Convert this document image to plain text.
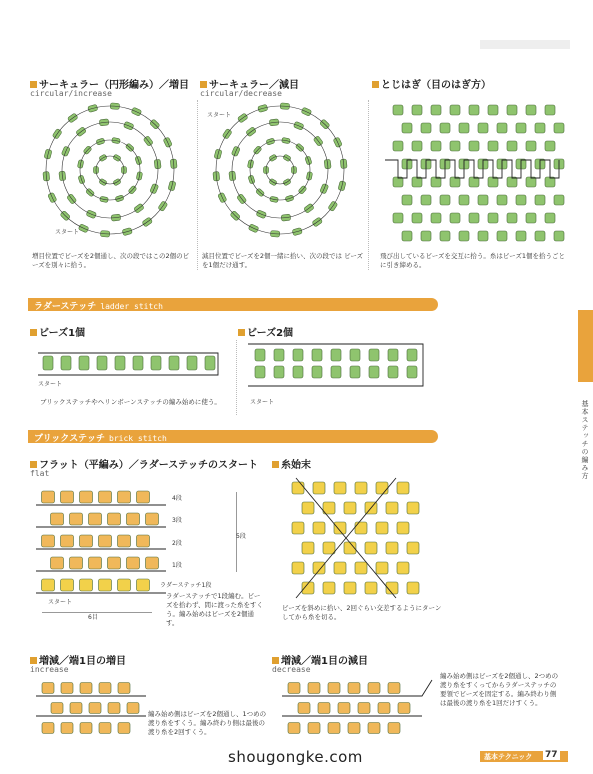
サーキュラー（円形編み）／増目
circular/increase
サーキュラー／減目
circular/decrease
とじはぎ（目のはぎ方）
スタート
スタート
増目位置でビーズを2個通し、次の段ではこの2個のビーズを別々に拾う。
減目位置でビーズを2個一緒に拾い、次の段では ビーズを1個だけ通す。
飛び出しているビーズを交互に拾う。糸はビーズ1個を拾うごとに引き締める。
ラダーステッチ ladder stitch
ビーズ1個	ビーズ2個
スタート
スタート
ブリックステッチやヘリンボーンステッチの編み始めに使う。
ブリックステッチ brick stitch
フラット（平編み）／ラダーステッチのスタート
flat
糸始末
4段
3段
2段
1段
ラダーステッチ1段
5段
スタート
6目
ラダーステッチで1段編む。ビーズを拾わず、間に渡った糸をすくう。編み始めはビーズを2個通す。
ビーズを斜めに拾い、2回ぐらい交差するようにターンしてから糸を切る。
増減／端1目の増目
increase
増減／端1目の減目
decrease
編み始め側はビーズを2個通し、1つめの渡り糸をすくう。編み終わり側は最後の渡り糸を2回すくう。
編み始め側はビーズを2個通し、2つめの渡り糸をすくってからラダーステッチの要領でビーズを固定する。編み終わり側は最後の渡り糸を1回だけすくう。
基本ステッチの編み方
基本テクニック 77
shougongke.com
